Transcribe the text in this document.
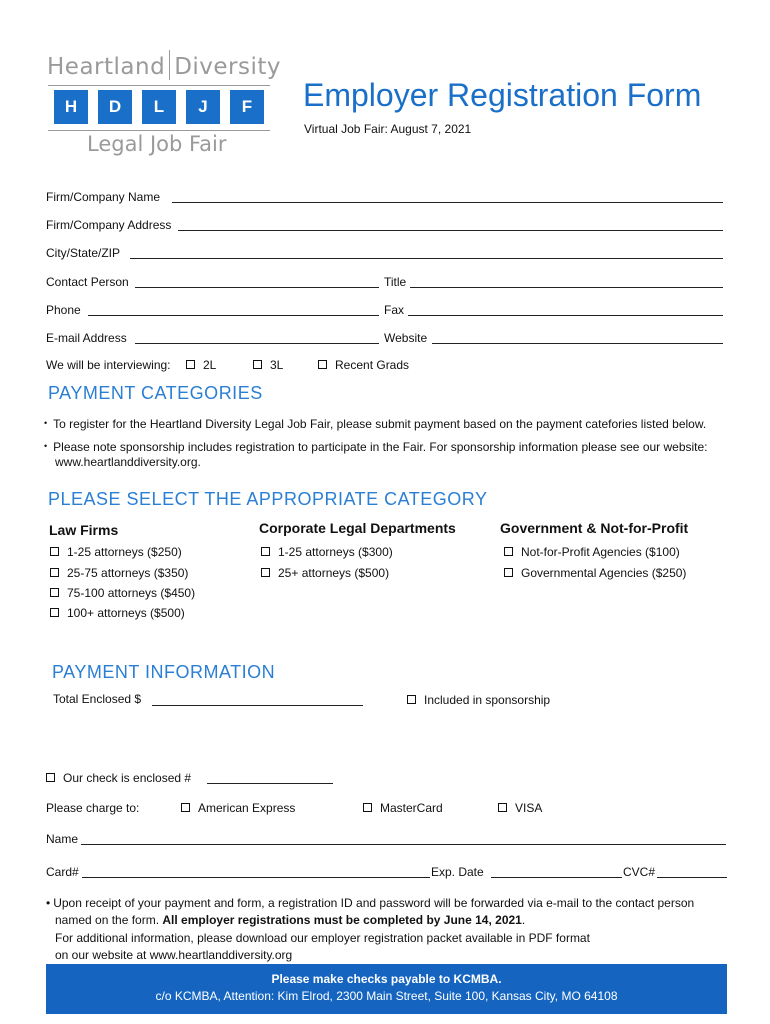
Heartland Diversity
H	D	L	J	F
Legal Job Fair
Employer Registration Form
Virtual Job Fair: August 7, 2021
Firm/Company Name
Firm/Company Address
City/State/ZIP
Contact Person	Title
Phone	Fax
E-mail Address	Website
We will be interviewing:	2L	3L	Recent Grads
PAYMENT CATEGORIES
• To register for the Heartland Diversity Legal Job Fair, please submit payment based on the payment catefories listed below.
• Please note sponsorship includes registration to participate in the Fair. For sponsorship information please see our website:
www.heartlanddiversity.org.
PLEASE SELECT THE APPROPRIATE CATEGORY
Law Firms
1-25 attorneys ($250)
25-75 attorneys ($350)
75-100 attorneys ($450)
100+ attorneys ($500)
Corporate Legal Departments
1-25 attorneys ($300)
25+ attorneys ($500)
Government & Not-for-Profit
Not-for-Profit Agencies ($100)
Governmental Agencies ($250)
PAYMENT INFORMATION
Total Enclosed $	Included in sponsorship
Our check is enclosed #
Please charge to:	American Express	MasterCard	VISA
Name
Card#	Exp. Date	CVC#
• Upon receipt of your payment and form, a registration ID and password will be forwarded via e-mail to the contact person
named on the form. All employer registrations must be completed by June 14, 2021.
For additional information, please download our employer registration packet available in PDF format
on our website at www.heartlanddiversity.org
Please make checks payable to KCMBA.
c/o KCMBA, Attention: Kim Elrod, 2300 Main Street, Suite 100, Kansas City, MO 64108
